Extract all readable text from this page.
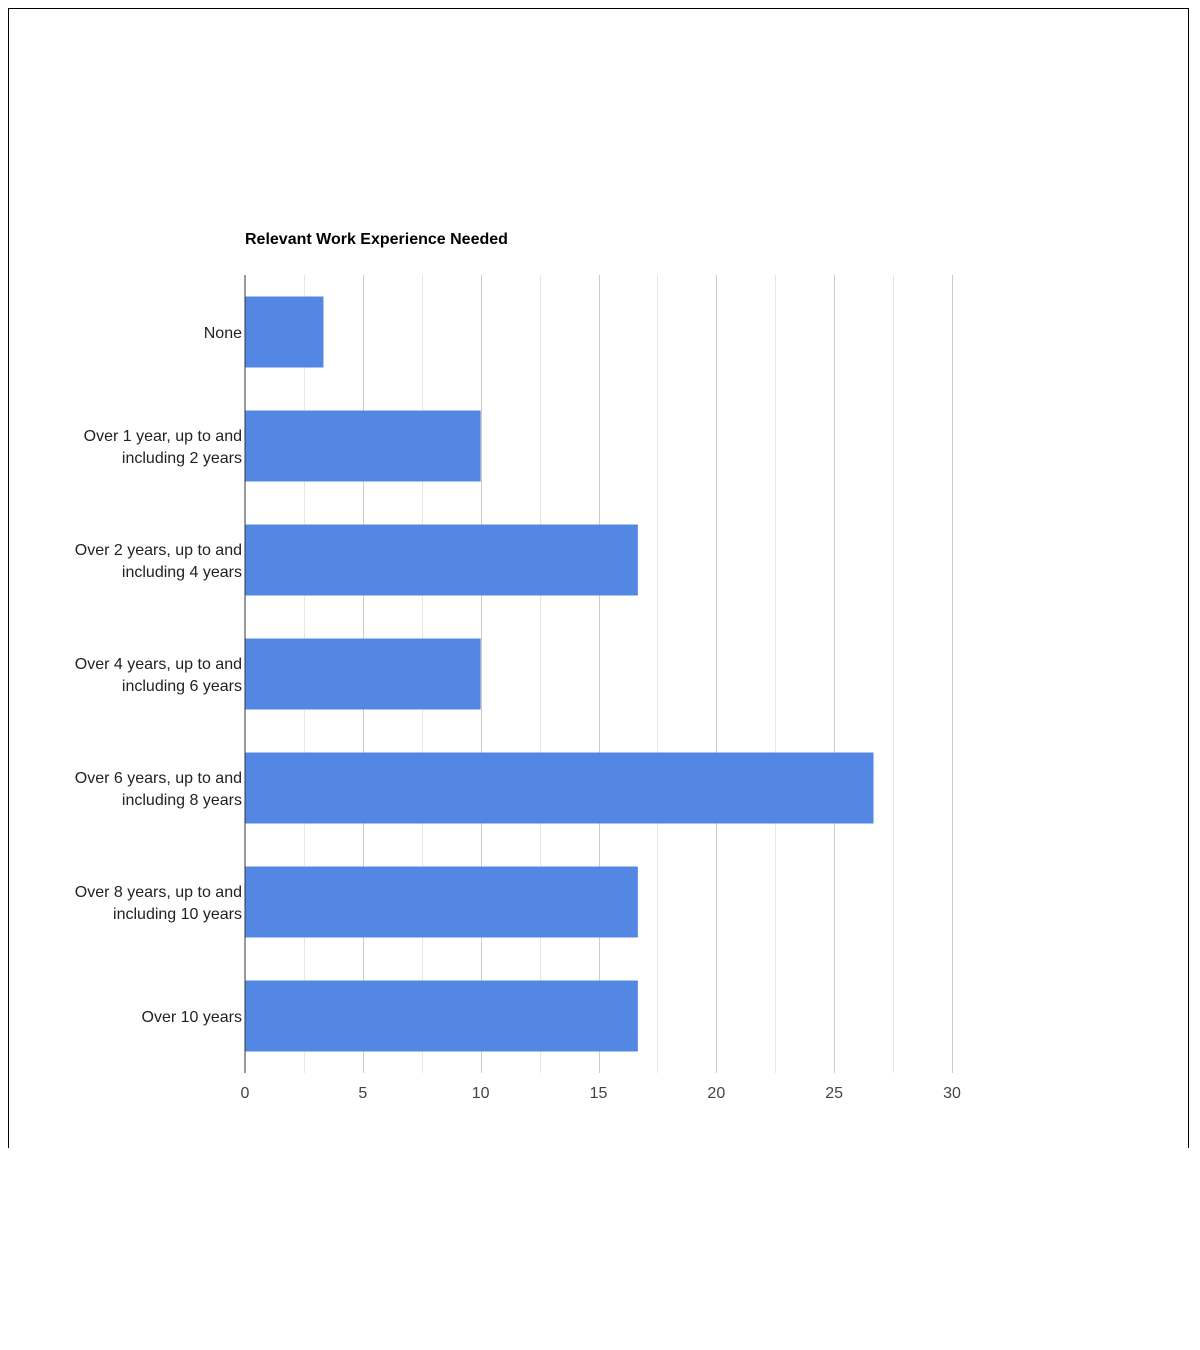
Relevant Work Experience Needed
None
Over 1 year, up to and including 2 years
Over 2 years, up to and including 4 years
Over 4 years, up to and including 6 years
Over 6 years, up to and including 8 years
Over 8 years, up to and including 10 years
Over 10 years
0	5	10	15	20	25	30
